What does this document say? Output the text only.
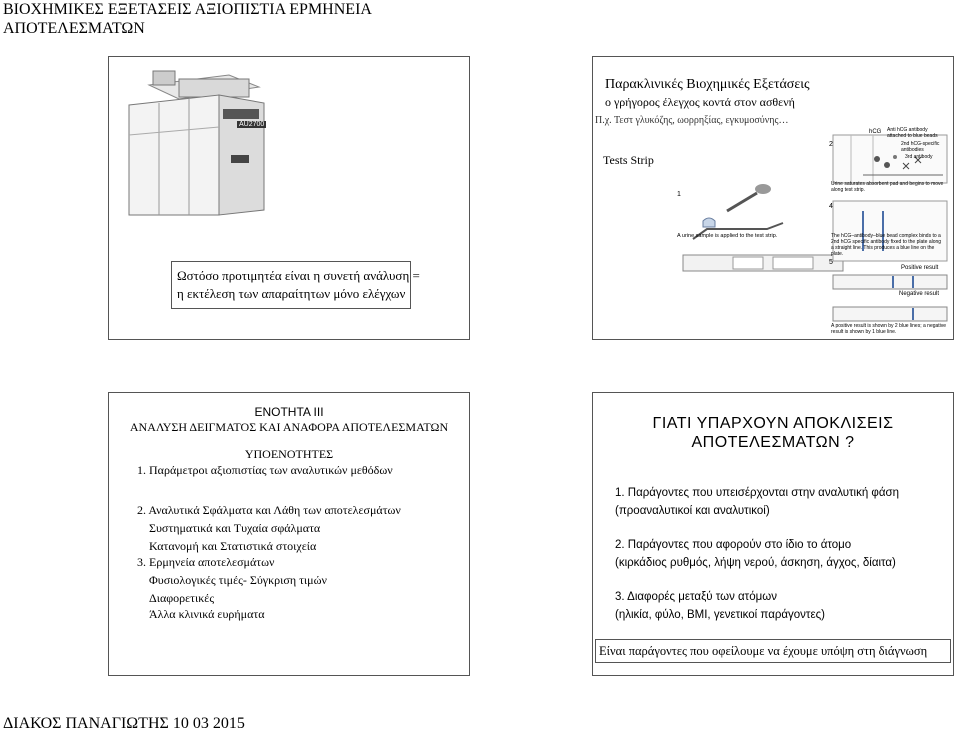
ΒΙΟΧΗΜΙΚΕΣ ΕΞΕΤΑΣΕΙΣ ΑΞΙΟΠΙΣΤΙΑ ΕΡΜΗΝΕΙΑ
ΑΠΟΤΕΛΕΣΜΑΤΩΝ
AU2700
Ωστόσο προτιμητέα είναι η συνετή ανάλυση =
η εκτέλεση των απαραίτητων μόνο ελέγχων
Παρακλινικές Βιοχημικές Εξετάσεις
ο γρήγορος έλεγχος κοντά στον ασθενή
Π.χ. Τεστ γλυκόζης, ωορρηξίας, εγκυμοσύνης…
Tests Strip
1
2
4
5
hCG Anti hCG antibody attached to blue beads
2nd hCG-specific antibodies
3rd antibody
Urine saturates absorbent pad and begins to move along test strip.
A urine sample is applied to the test strip.	The hCG–antibody–blue bead complex binds to a 2nd hCG specific antibody fixed to the plate along a straight line. This produces a blue line on the plate.
Positive result
Negative result
A positive result is shown by 2 blue lines; a negative result is shown by 1 blue line.
ΕΝΟΤΗΤΑ ΙΙΙ
ΑΝΑΛΥΣΗ ΔΕΙΓΜΑΤΟΣ ΚΑΙ ΑΝΑΦΟΡΑ ΑΠΟΤΕΛΕΣΜΑΤΩΝ
ΥΠΟΕΝΟΤΗΤΕΣ
1. Παράμετροι αξιοπιστίας των αναλυτικών μεθόδων
2. Αναλυτικά Σφάλματα και Λάθη των αποτελεσμάτων
Συστηματικά και Τυχαία σφάλματα
Κατανομή και Στατιστικά στοιχεία
3. Ερμηνεία αποτελεσμάτων
Φυσιολογικές τιμές- Σύγκριση τιμών
Διαφορετικές
Άλλα κλινικά ευρήματα
ΓΙΑΤΙ ΥΠΑΡΧΟΥΝ ΑΠΟΚΛΙΣΕΙΣ
ΑΠΟΤΕΛΕΣΜΑΤΩΝ ?
1. Παράγοντες που υπεισέρχονται στην αναλυτική φάση
(προαναλυτικοί και αναλυτικοί)
2. Παράγοντες που αφορούν στο ίδιο το άτομο
(κιρκάδιος ρυθμός, λήψη νερού, άσκηση, άγχος, δίαιτα)
3. Διαφορές μεταξύ των ατόμων
(ηλικία, φύλο, BMI, γενετικοί παράγοντες)
Είναι παράγοντες που οφείλουμε να έχουμε υπόψη στη διάγνωση
ΔΙΑΚΟΣ ΠΑΝΑΓΙΩΤΗΣ 10 03 2015
